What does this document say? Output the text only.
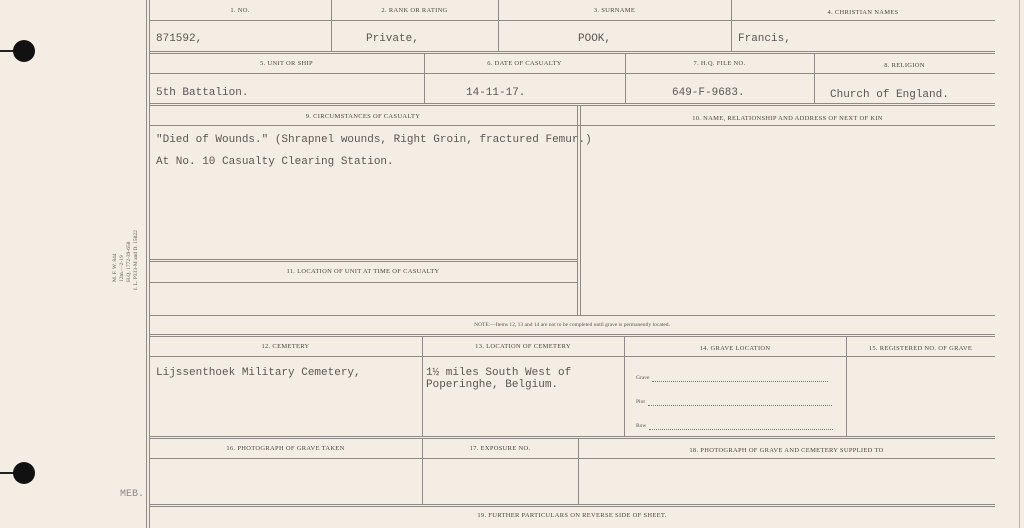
M. F. W. 844 12m.—2-19 H.Q. 1772-39-658 I. L. P333-M and D. 15822
MEB.
1. NO.	2. RANK OR RATING	3. SURNAME	4. CHRISTIAN NAMES
871592,	Private,	POOK,	Francis,
5. UNIT OR SHIP	6. DATE OF CASUALTY	7. H.Q. FILE NO.	8. RELIGION
5th Battalion.	14-11-17.	649-F-9683.	Church of England.
9. CIRCUMSTANCES OF CASUALTY	10. NAME, RELATIONSHIP AND ADDRESS OF NEXT OF KIN
11. LOCATION OF UNIT AT TIME OF CASUALTY
"Died of Wounds." (Shrapnel wounds, Right Groin, fractured Femur.)
At No. 10 Casualty Clearing Station.
NOTE:—Items 12, 13 and 14 are not to be completed until grave is permanently located.
12. CEMETERY	13. LOCATION OF CEMETERY	14. GRAVE LOCATION	15. REGISTERED NO. OF GRAVE
Lijssenthoek Military Cemetery,	1½ miles South West of
Poperinghe, Belgium.
Grave
Plot
Row
16. PHOTOGRAPH OF GRAVE TAKEN	17. EXPOSURE NO.	18. PHOTOGRAPH OF GRAVE AND CEMETERY SUPPLIED TO
19. FURTHER PARTICULARS ON REVERSE SIDE OF SHEET.
